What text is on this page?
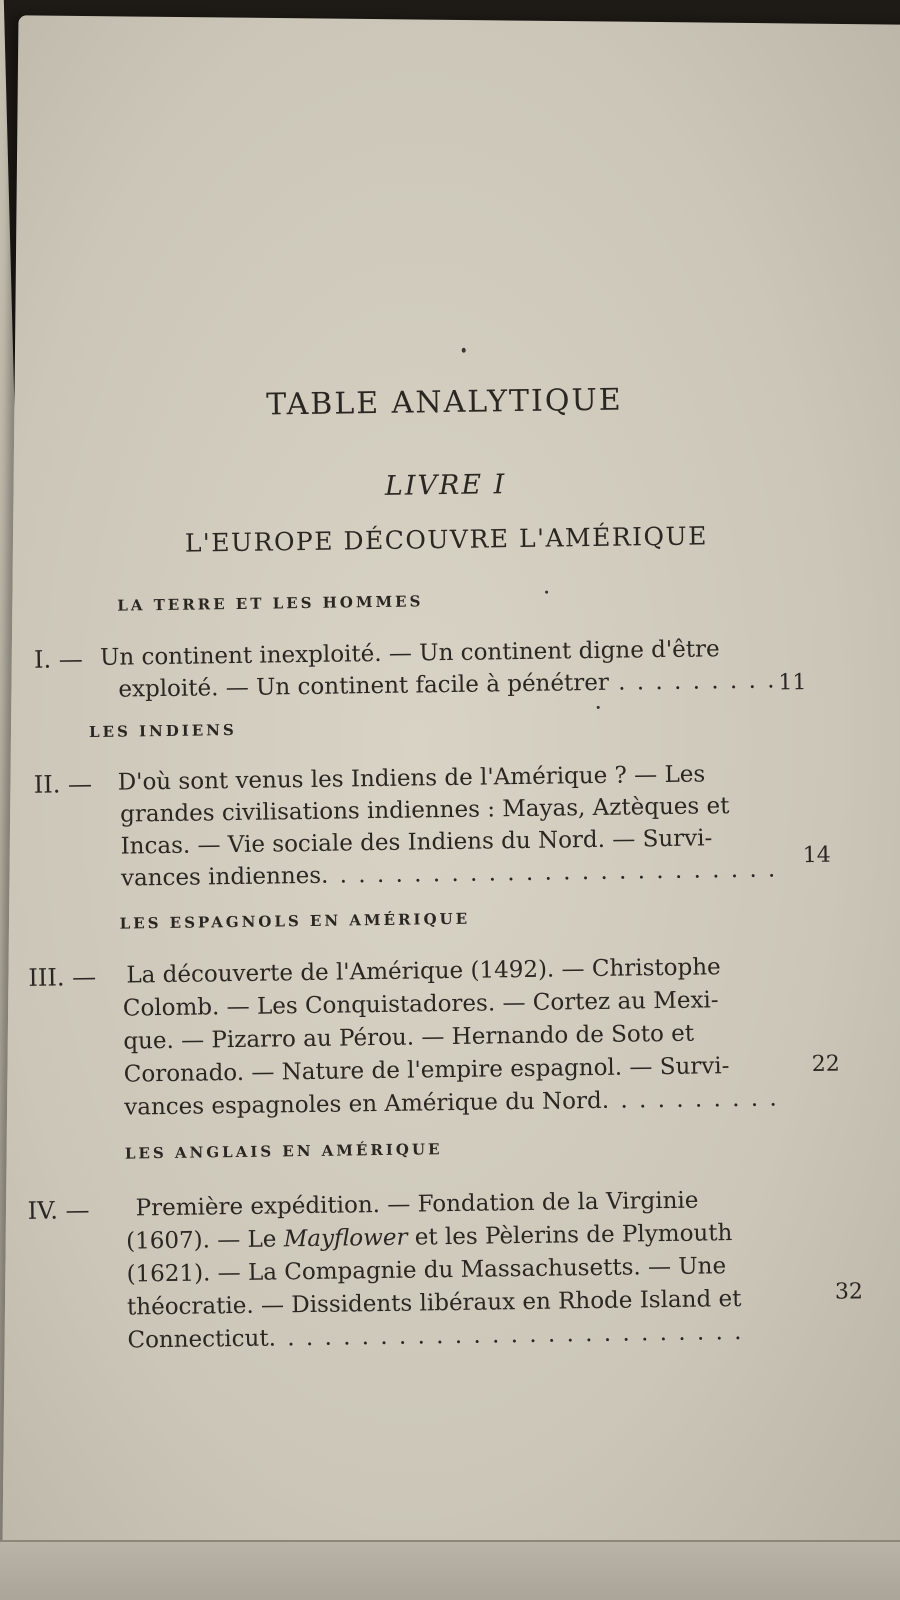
TABLE ANALYTIQUE
LIVRE I
L'EUROPE DÉCOUVRE L'AMÉRIQUE
LA TERRE ET LES HOMMES
I. — Un continent inexploité. — Un continent digne d'être
exploité. — Un continent facile à pénétrer . . . . . . . . . 11
LES INDIENS
II. — D'où sont venus les Indiens de l'Amérique ? — Les
grandes civilisations indiennes : Mayas, Aztèques et
Incas. — Vie sociale des Indiens du Nord. — Survi-
vances indiennes. . . . . . . . . . . . . . . . . . . . . . . . .
14
LES ESPAGNOLS EN AMÉRIQUE
III. — La découverte de l'Amérique (1492). — Christophe
Colomb. — Les Conquistadores. — Cortez au Mexi-
que. — Pizarro au Pérou. — Hernando de Soto et
Coronado. — Nature de l'empire espagnol. — Survi-
vances espagnoles en Amérique du Nord. . . . . . . . . .
22
LES ANGLAIS EN AMÉRIQUE
IV. — Première expédition. — Fondation de la Virginie
(1607). — Le Mayflower et les Pèlerins de Plymouth
(1621). — La Compagnie du Massachusetts. — Une
théocratie. — Dissidents libéraux en Rhode Island et
Connecticut. . . . . . . . . . . . . . . . . . . . . . . . . .
32
